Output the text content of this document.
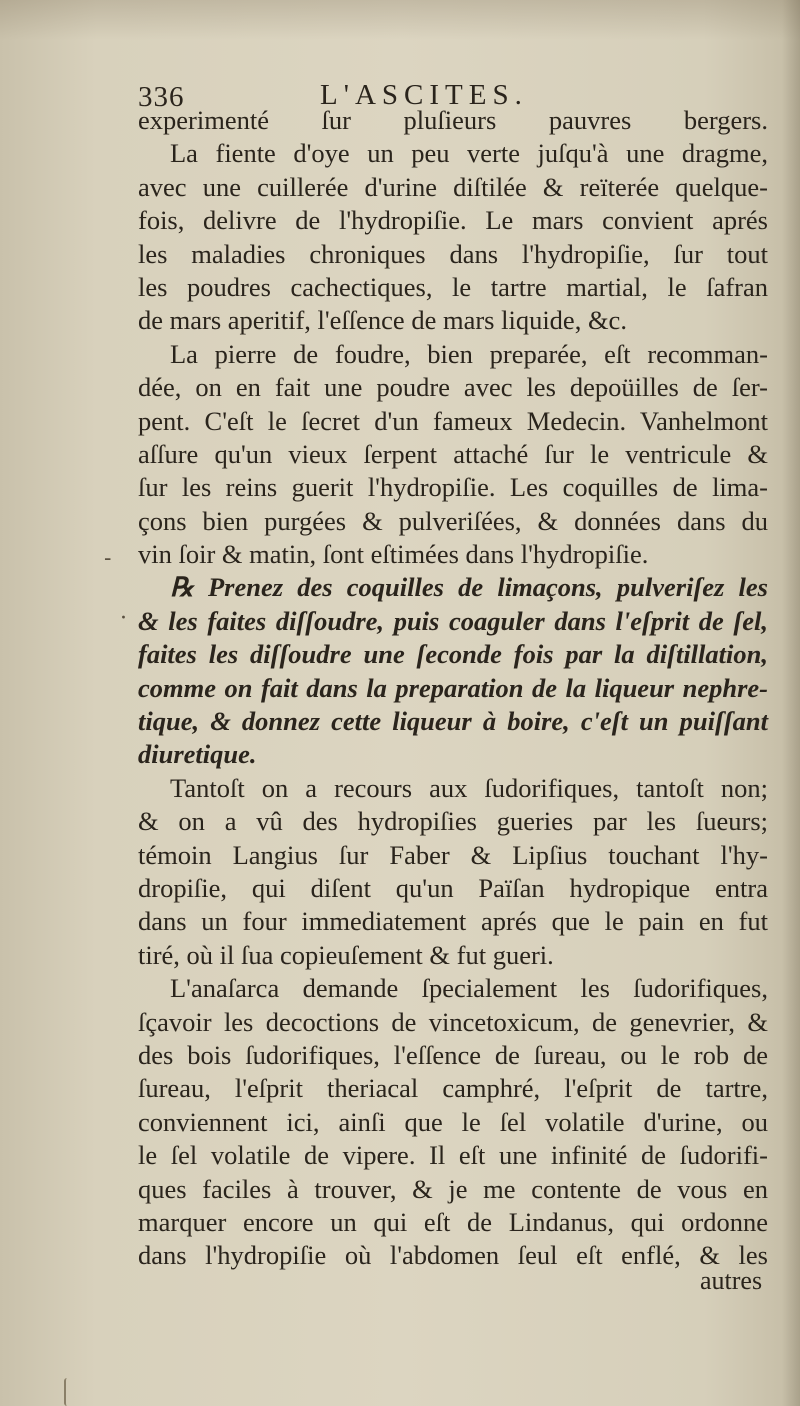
336	L'ASCITES.
experimenté ſur pluſieurs pauvres bergers.
La fiente d'oye un peu verte juſqu'à une dragme,
avec une cuillerée d'urine diſtilée & reïterée quelque-
fois, delivre de l'hydropiſie. Le mars convient aprés
les maladies chroniques dans l'hydropiſie, ſur tout
les poudres cachectiques, le tartre martial, le ſafran
de mars aperitif, l'eſſence de mars liquide, &c.
La pierre de foudre, bien preparée, eſt recomman-
dée, on en fait une poudre avec les depoüilles de ſer-
pent. C'eſt le ſecret d'un fameux Medecin. Vanhelmont
aſſure qu'un vieux ſerpent attaché ſur le ventricule &
ſur les reins guerit l'hydropiſie. Les coquilles de lima-
çons bien purgées & pulveriſées, & données dans du
vin ſoir & matin, ſont eſtimées dans l'hydropiſie.
℞ Prenez des coquilles de limaçons, pulveriſez les
& les faites diſſoudre, puis coaguler dans l'eſprit de ſel,
faites les diſſoudre une ſeconde fois par la diſtillation,
comme on fait dans la preparation de la liqueur nephre-
tique, & donnez cette liqueur à boire, c'eſt un puiſſant
diuretique.
Tantoſt on a recours aux ſudorifiques, tantoſt non;
& on a vû des hydropiſies gueries par les ſueurs;
témoin Langius ſur Faber & Lipſius touchant l'hy-
dropiſie, qui diſent qu'un Païſan hydropique entra
dans un four immediatement aprés que le pain en fut
tiré, où il ſua copieuſement & fut gueri.
L'anaſarca demande ſpecialement les ſudorifiques,
ſçavoir les decoctions de vincetoxicum, de genevrier, &
des bois ſudorifiques, l'eſſence de ſureau, ou le rob de
ſureau, l'eſprit theriacal camphré, l'eſprit de tartre,
conviennent ici, ainſi que le ſel volatile d'urine, ou
le ſel volatile de vipere. Il eſt une infinité de ſudorifi-
ques faciles à trouver, & je me contente de vous en
marquer encore un qui eſt de Lindanus, qui ordonne
dans l'hydropiſie où l'abdomen ſeul eſt enflé, & les
autres
-
·
